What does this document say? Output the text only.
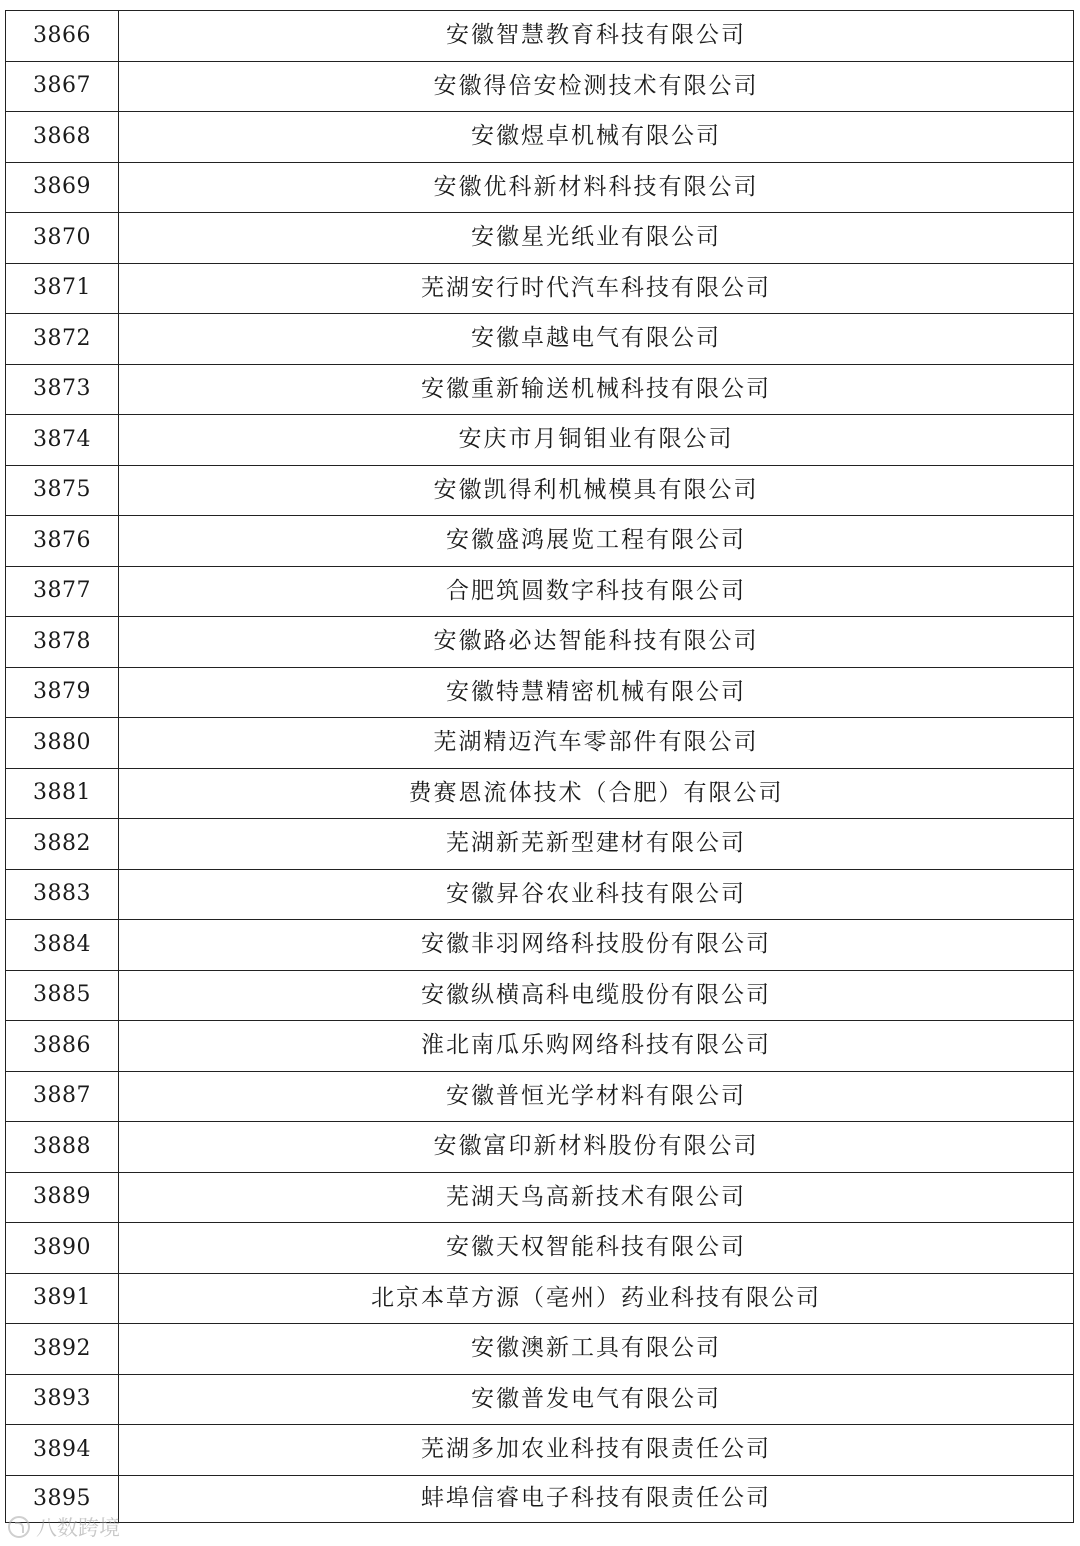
3866	安徽智慧教育科技有限公司
3867	安徽得倍安检测技术有限公司
3868	安徽煜卓机械有限公司
3869	安徽优科新材料科技有限公司
3870	安徽星光纸业有限公司
3871	芜湖安行时代汽车科技有限公司
3872	安徽卓越电气有限公司
3873	安徽重新输送机械科技有限公司
3874	安庆市月铜钼业有限公司
3875	安徽凯得利机械模具有限公司
3876	安徽盛鸿展览工程有限公司
3877	合肥筑圆数字科技有限公司
3878	安徽路必达智能科技有限公司
3879	安徽特慧精密机械有限公司
3880	芜湖精迈汽车零部件有限公司
3881	费赛恩流体技术（合肥）有限公司
3882	芜湖新芜新型建材有限公司
3883	安徽昇谷农业科技有限公司
3884	安徽非羽网络科技股份有限公司
3885	安徽纵横高科电缆股份有限公司
3886	淮北南瓜乐购网络科技有限公司
3887	安徽普恒光学材料有限公司
3888	安徽富印新材料股份有限公司
3889	芜湖天鸟高新技术有限公司
3890	安徽天权智能科技有限公司
3891	北京本草方源（亳州）药业科技有限公司
3892	安徽澳新工具有限公司
3893	安徽普发电气有限公司
3894	芜湖多加农业科技有限责任公司
3895	蚌埠信睿电子科技有限责任公司
八数跨境
